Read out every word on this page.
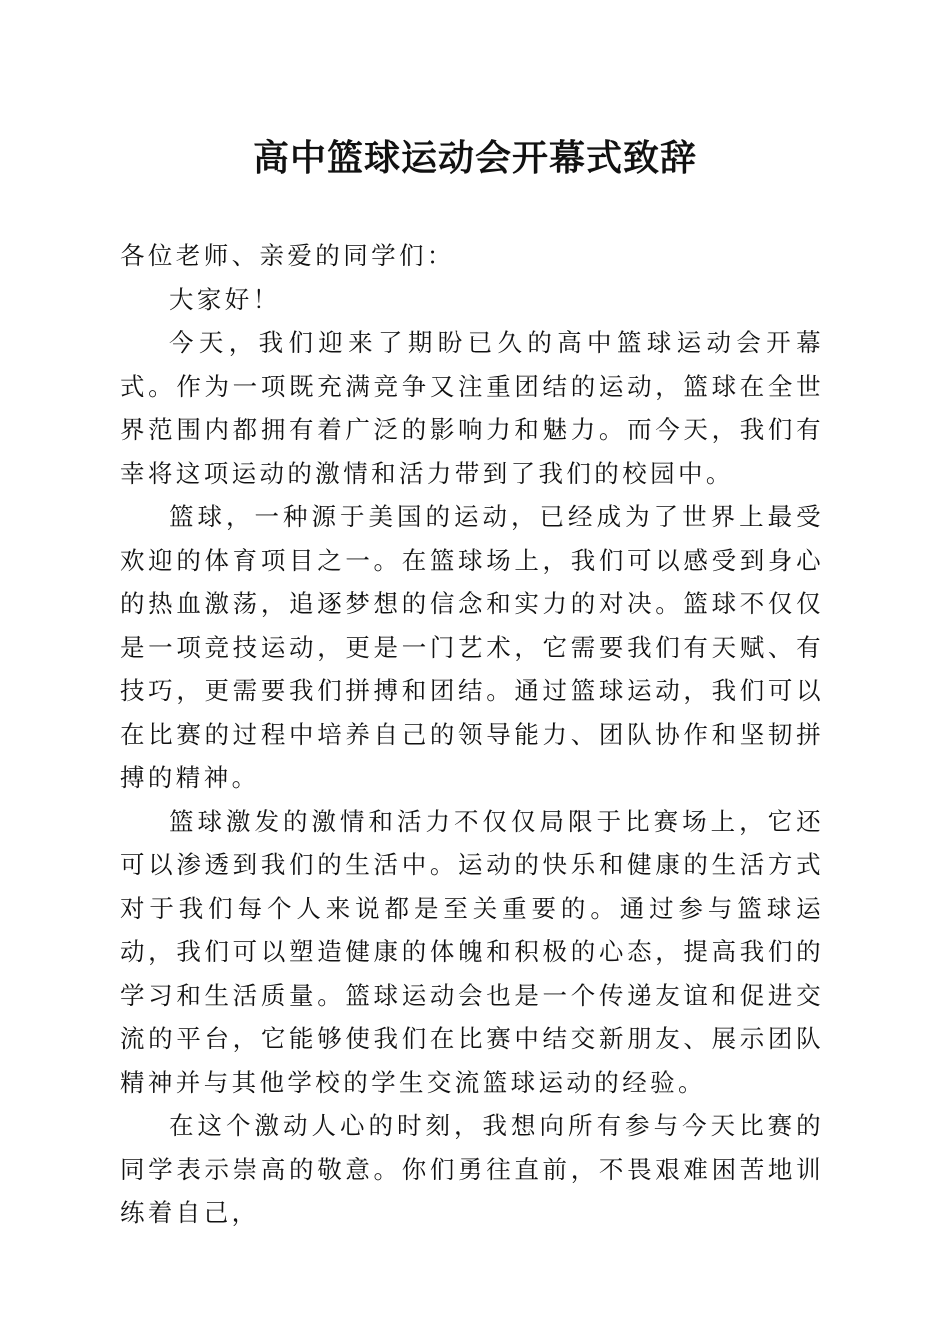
高中篮球运动会开幕式致辞

各位老师、亲爱的同学们：

大家好！

今天，我们迎来了期盼已久的高中篮球运动会开幕式。作为一项既充满竞争又注重团结的运动，篮球在全世界范围内都拥有着广泛的影响力和魅力。而今天，我们有幸将这项运动的激情和活力带到了我们的校园中。

篮球，一种源于美国的运动，已经成为了世界上最受欢迎的体育项目之一。在篮球场上，我们可以感受到身心的热血激荡，追逐梦想的信念和实力的对决。篮球不仅仅是一项竞技运动，更是一门艺术，它需要我们有天赋、有技巧，更需要我们拼搏和团结。通过篮球运动，我们可以在比赛的过程中培养自己的领导能力、团队协作和坚韧拼搏的精神。

篮球激发的激情和活力不仅仅局限于比赛场上，它还可以渗透到我们的生活中。运动的快乐和健康的生活方式对于我们每个人来说都是至关重要的。通过参与篮球运动，我们可以塑造健康的体魄和积极的心态，提高我们的学习和生活质量。篮球运动会也是一个传递友谊和促进交流的平台，它能够使我们在比赛中结交新朋友、展示团队精神并与其他学校的学生交流篮球运动的经验。

在这个激动人心的时刻，我想向所有参与今天比赛的同学表示崇高的敬意。你们勇往直前，不畏艰难困苦地训练着自己，
